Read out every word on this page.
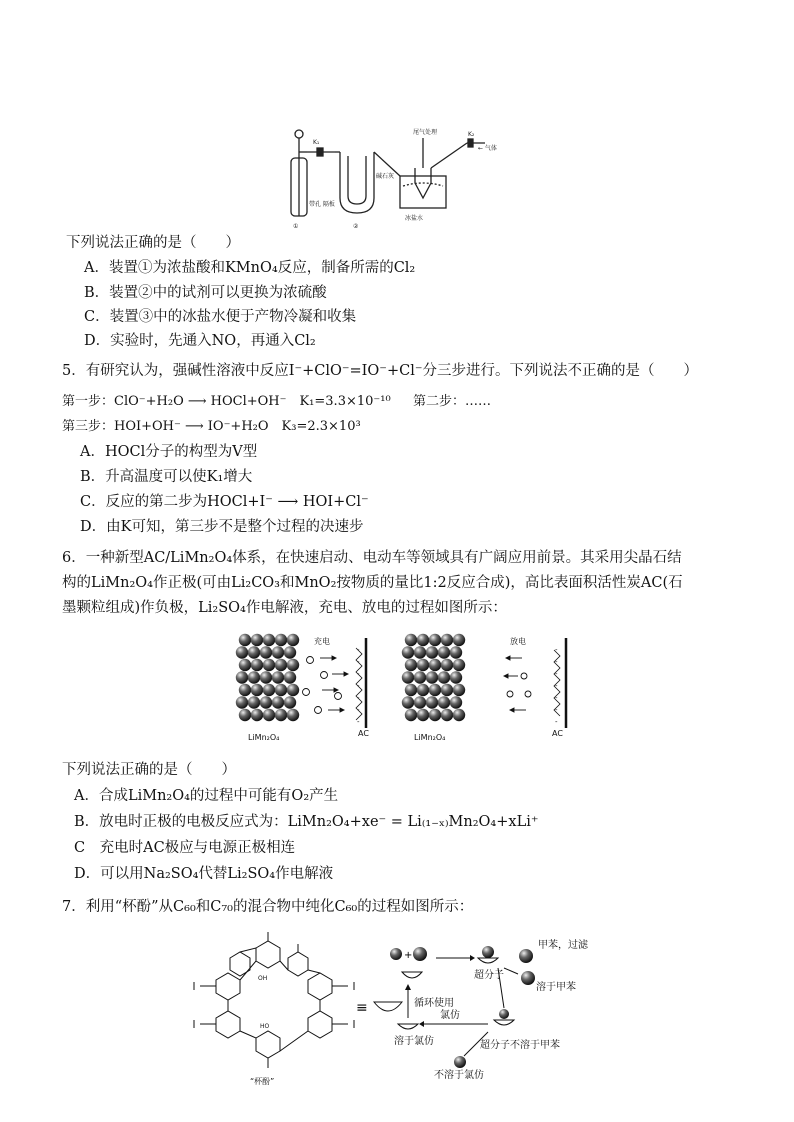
K₁
K₂
尾气处理
← 气体
碱石灰
冰盐水
①	②
带孔 隔板
下列说法正确的是（　　）
A．装置①为浓盐酸和KMnO₄反应，制备所需的Cl₂
B．装置②中的试剂可以更换为浓硫酸
C．装置③中的冰盐水便于产物冷凝和收集
D．实验时，先通入NO，再通入Cl₂
5．有研究认为，强碱性溶液中反应I⁻+ClO⁻=IO⁻+Cl⁻分三步进行。下列说法不正确的是（　　）
第一步：ClO⁻+H₂O ⟶ HOCl+OH⁻　K₁=3.3×10⁻¹⁰ 第二步：……
第三步：HOI+OH⁻ ⟶ IO⁻+H₂O　K₃=2.3×10³
A．HOCl分子的构型为V型
B．升高温度可以使K₁增大
C．反应的第二步为HOCl+I⁻ ⟶ HOI+Cl⁻
D．由K可知，第三步不是整个过程的决速步
6．一种新型AC/LiMn₂O₄体系，在快速启动、电动车等领域具有广阔应用前景。其采用尖晶石结
构的LiMn₂O₄作正极(可由Li₂CO₃和MnO₂按物质的量比1:2反应合成)，高比表面积活性炭AC(石
墨颗粒组成)作负极，Li₂SO₄作电解液，充电、放电的过程如图所示：
-
-
-
-
-
-
-
-
-
-
-
-
-
-
充电	放电
LiMn₂O₄	LiMn₂O₄
AC	AC
下列说法正确的是（　　）
A．合成LiMn₂O₄的过程中可能有O₂产生
B．放电时正极的电极反应式为：LiMn₂O₄+xe⁻ = Li₍₁₋ₓ₎Mn₂O₄+xLi⁺
C　充电时AC极应与电源正极相连
D．可以用Na₂SO₄代替Li₂SO₄作电解液
7．利用“杯酚”从C₆₀和C₇₀的混合物中纯化C₆₀的过程如图所示：
OH
HO
“杯酚”
≡
+
超分子
甲苯，过滤
溶于甲苯
循环使用
氯仿
溶于氯仿	超分子不溶于甲苯
不溶于氯仿
